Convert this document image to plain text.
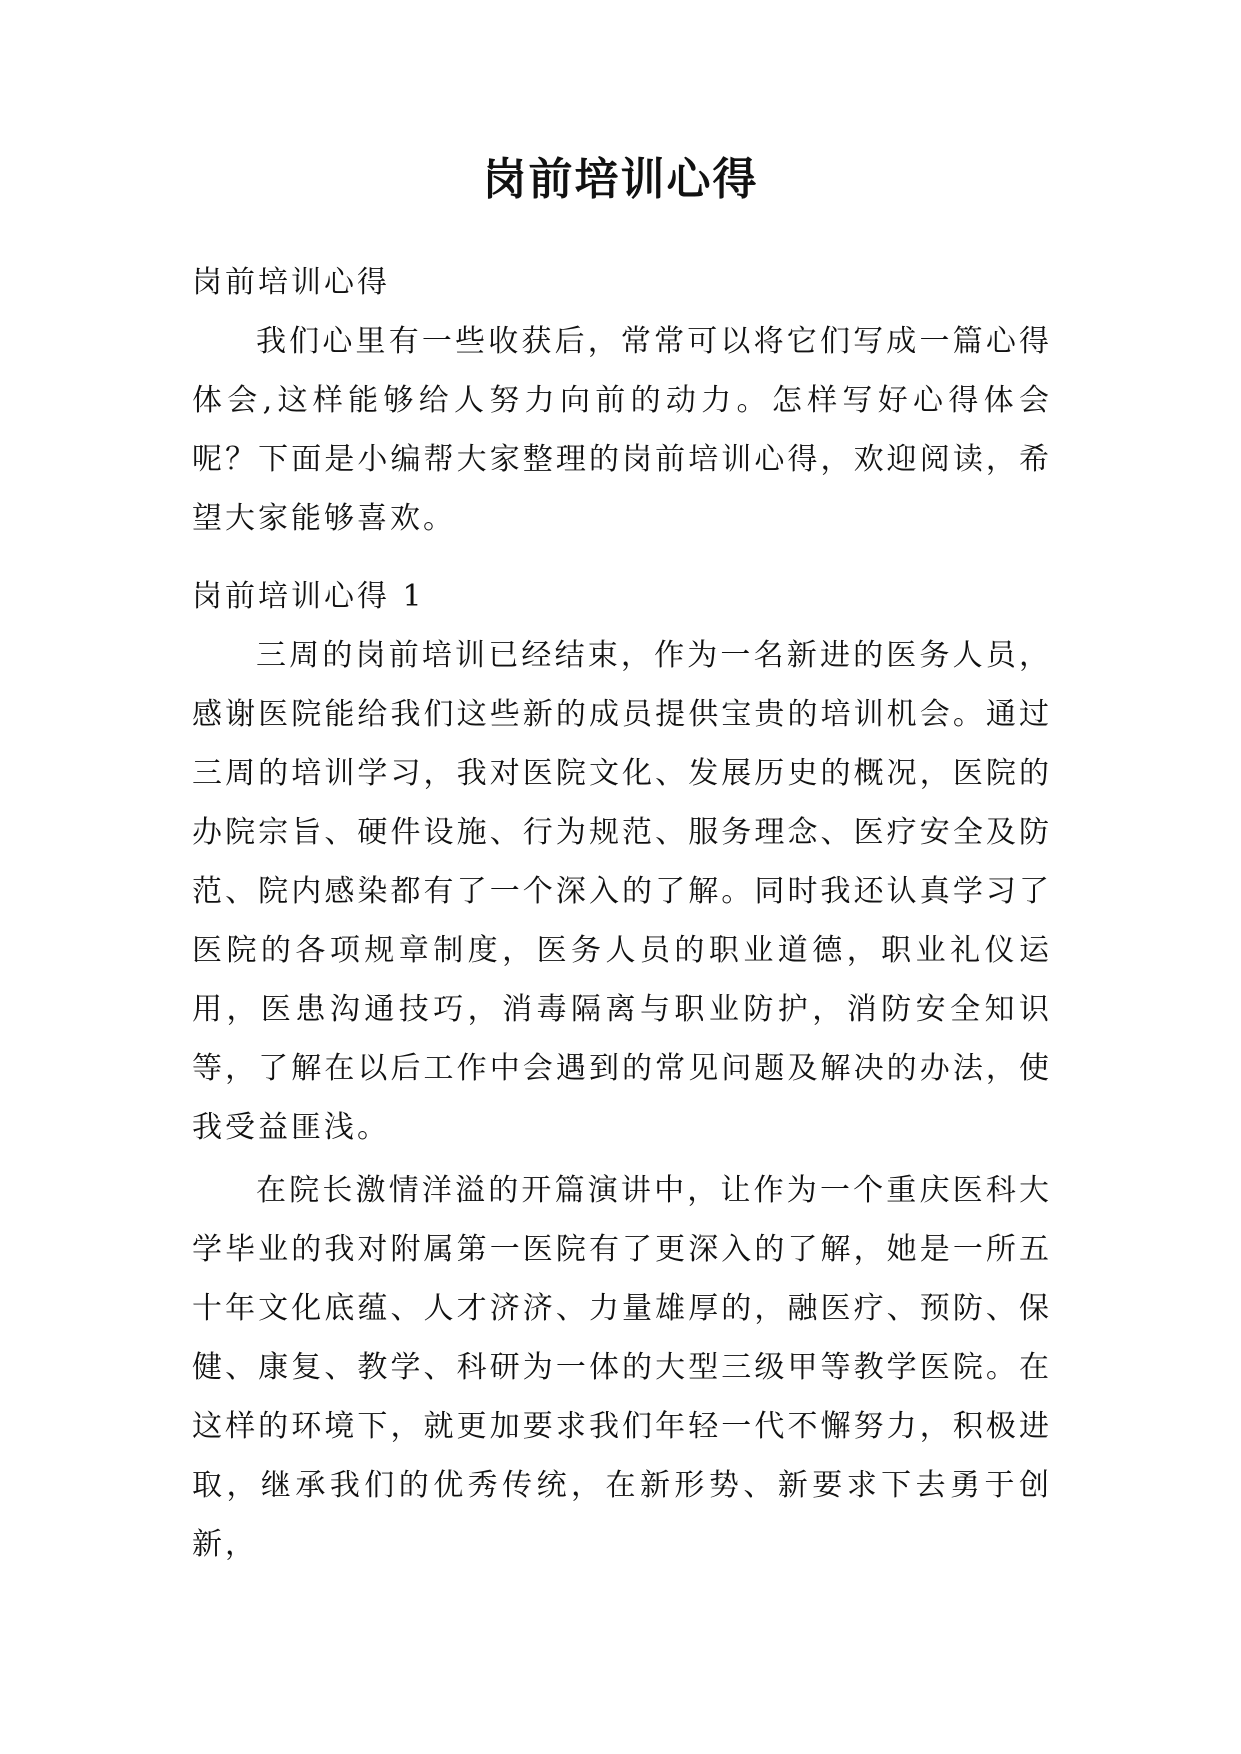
岗前培训心得
岗前培训心得

我们心里有一些收获后，常常可以将它们写成一篇心得体会,这样能够给人努力向前的动力。怎样写好心得体会呢？下面是小编帮大家整理的岗前培训心得，欢迎阅读，希望大家能够喜欢。

岗前培训心得 1

三周的岗前培训已经结束，作为一名新进的医务人员，感谢医院能给我们这些新的成员提供宝贵的培训机会。通过三周的培训学习，我对医院文化、发展历史的概况，医院的办院宗旨、硬件设施、行为规范、服务理念、医疗安全及防范、院内感染都有了一个深入的了解。同时我还认真学习了医院的各项规章制度，医务人员的职业道德，职业礼仪运用，医患沟通技巧，消毒隔离与职业防护，消防安全知识等，了解在以后工作中会遇到的常见问题及解决的办法，使我受益匪浅。

在院长激情洋溢的开篇演讲中，让作为一个重庆医科大学毕业的我对附属第一医院有了更深入的了解，她是一所五十年文化底蕴、人才济济、力量雄厚的，融医疗、预防、保健、康复、教学、科研为一体的大型三级甲等教学医院。在这样的环境下，就更加要求我们年轻一代不懈努力，积极进取，继承我们的优秀传统，在新形势、新要求下去勇于创新，
